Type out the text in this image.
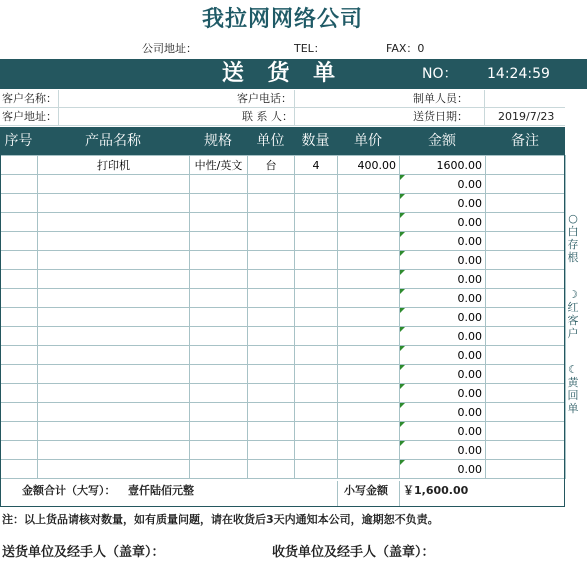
我拉网网络公司
公司地址：	TEL：	FAX：0
送 货 单	NO： 14:24:59
客户名称：	客户电话：	制单人员：
客户地址：	联 系 人：	送货日期：	2019/7/23
序号	产品名称	规格	单位	数量	单价	金额	备注
	打印机	中性/英文	台	4	400.00	1600.00	
						0.00

						0.00

						0.00

						0.00

						0.00

						0.00

						0.00

						0.00

						0.00

						0.00

						0.00

						0.00

						0.00

						0.00

						0.00

						0.00

金额合计（大写）： 壹仟陆佰元整	小写金额 ￥1,600.00
注：以上货品请核对数量，如有质量问题，请在收货后3天内通知本公司，逾期恕不负责。
送货单位及经手人（盖章）：	收货单位及经手人（盖章）：
○
白
存
根
☽
红
客
户
☾
黄
回
单
